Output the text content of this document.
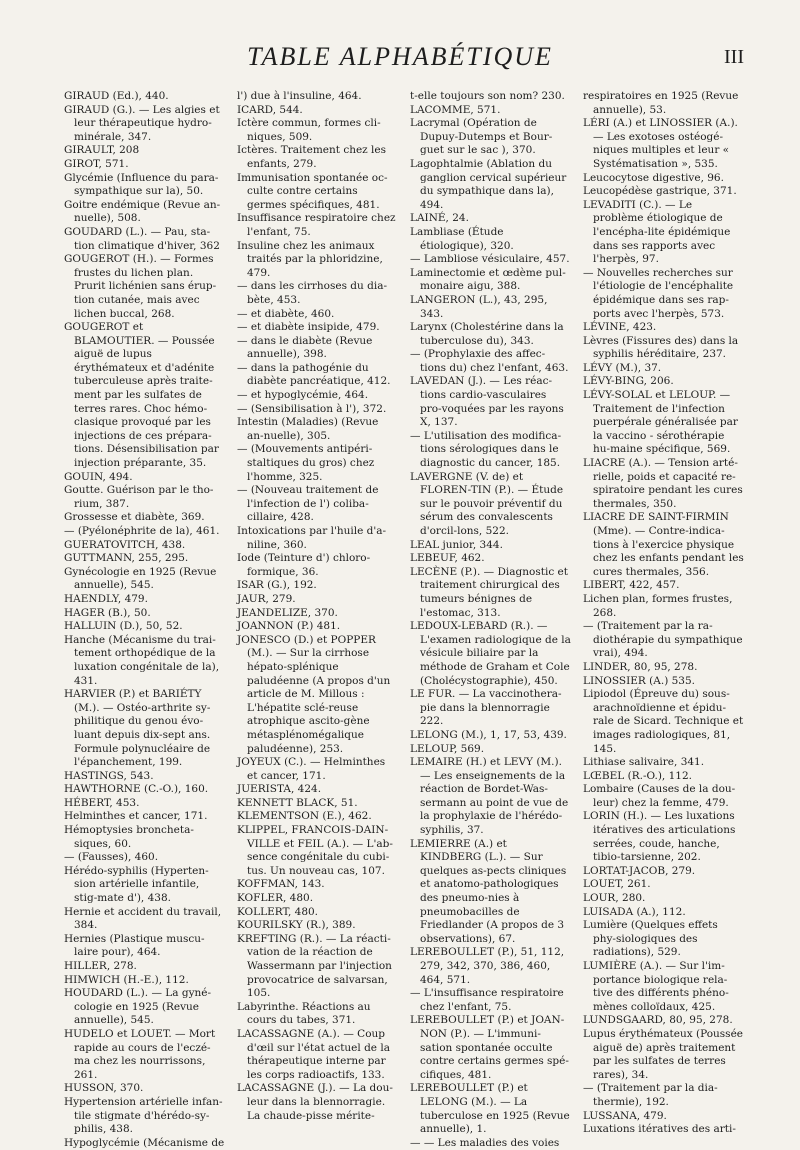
TABLE ALPHABÉTIQUE	III

GIRAUD (Ed.), 440.

GIRAUD (G.). — Les algies et leur thérapeutique hydro-minérale, 347.

GIRAULT, 208

GIROT, 571.

Glycémie (Influence du para-sympathique sur la), 50.

Goitre endémique (Revue an-nuelle), 508.

GOUDARD (L.). — Pau, sta-tion climatique d'hiver, 362

GOUGEROT (H.). — Formes frustes du lichen plan. Prurit lichénien sans érup-tion cutanée, mais avec lichen buccal, 268.

GOUGEROT et BLAMOUTIER. — Poussée aiguë de lupus érythémateux et d'adénite tuberculeuse après traite-ment par les sulfates de terres rares. Choc hémo-clasique provoqué par les injections de ces prépara-tions. Désensibilisation par injection préparante, 35.

GOUIN, 494.

Goutte. Guérison par le tho-rium, 387.

Grossesse et diabète, 369.

— (Pyélonéphrite de la), 461.

GUERATOVITCH, 438.

GUTTMANN, 255, 295.

Gynécologie en 1925 (Revue annuelle), 545.

HAENDLY, 479.

HAGER (B.), 50.

HALLUIN (D.), 50, 52.

Hanche (Mécanisme du trai-tement orthopédique de la luxation congénitale de la), 431.

HARVIER (P.) et BARIÉTY (M.). — Ostéo-arthrite sy-philitique du genou évo-luant depuis dix-sept ans. Formule polynucléaire de l'épanchement, 199.

HASTINGS, 543.

HAWTHORNE (C.-O.), 160.

HÉBERT, 453.

Helminthes et cancer, 171.

Hémoptysies broncheta-siques, 60.

— (Fausses), 460.

Hérédo-syphilis (Hyperten-sion artérielle infantile, stig-mate d'), 438.

Hernie et accident du travail, 384.

Hernies (Plastique muscu-laire pour), 464.

HILLER, 278.

HIMWICH (H.-E.), 112.

HOUDARD (L.). — La gyné-cologie en 1925 (Revue annuelle), 545.

HUDELO et LOUET. — Mort rapide au cours de l'eczé-ma chez les nourrissons, 261.

HUSSON, 370.

Hypertension artérielle infan-tile stigmate d'hérédo-sy-philis, 438.

Hypoglycémie (Mécanisme de

l') due à l'insuline, 464.

ICARD, 544.

Ictère commun, formes cli-niques, 509.

Ictères. Traitement chez les enfants, 279.

Immunisation spontanée oc-culte contre certains germes spécifiques, 481.

Insuffisance respiratoire chez l'enfant, 75.

Insuline chez les animaux traités par la phloridzine, 479.

— dans les cirrhoses du dia-bète, 453.

— et diabète, 460.

— et diabète insipide, 479.

— dans le diabète (Revue annuelle), 398.

— dans la pathogénie du diabète pancréatique, 412.

— et hypoglycémie, 464.

— (Sensibilisation à l'), 372.

Intestin (Maladies) (Revue an-nuelle), 305.

— (Mouvements antipéri-staltiques du gros) chez l'homme, 325.

— (Nouveau traitement de l'infection de l') coliba-cillaire, 428.

Intoxications par l'huile d'a-niline, 360.

Iode (Teinture d') chloro-formique, 36.

ISAR (G.), 192.

JAUR, 279.

JEANDELIZE, 370.

JOANNON (P.) 481.

JONESCO (D.) et POPPER (M.). — Sur la cirrhose hépato-splénique paludéenne (A propos d'un article de M. Millous : L'hépatite sclé-reuse atrophique ascito-gène métasplénomégalique paludéenne), 253.

JOYEUX (C.). — Helminthes et cancer, 171.

JUERISTA, 424.

KENNETT BLACK, 51.

KLEMENTSON (E.), 462.

KLIPPEL, FRANCOIS-DAIN-VILLE et FEIL (A.). — L'ab-sence congénitale du cubi-tus. Un nouveau cas, 107.

KOFFMAN, 143.

KOFLER, 480.

KOLLERT, 480.

KOURILSKY (R.), 389.

KREFTING (R.). — La réacti-vation de la réaction de Wassermann par l'injection provocatrice de salvarsan, 105.

Labyrinthe. Réactions au cours du tabes, 371.

LACASSAGNE (A.). — Coup d'œil sur l'état actuel de la thérapeutique interne par les corps radioactifs, 133.

LACASSAGNE (J.). — La dou-leur dans la blennorragie. La chaude-pisse mérite-

t-elle toujours son nom? 230.

LACOMME, 571.

Lacrymal (Opération de Dupuy-Dutemps et Bour-guet sur le sac ), 370.

Lagophtalmie (Ablation du ganglion cervical supérieur du sympathique dans la), 494.

LAINÉ, 24.

Lambliase (Étude étiologique), 320.

— Lambliose vésiculaire, 457.

Laminectomie et œdème pul-monaire aigu, 388.

LANGERON (L.), 43, 295, 343.

Larynx (Cholestérine dans la tuberculose du), 343.

— (Prophylaxie des affec-tions du) chez l'enfant, 463.

LAVEDAN (J.). — Les réac-tions cardio-vasculaires pro-voquées par les rayons X, 137.

— L'utilisation des modifica-tions sérologiques dans le diagnostic du cancer, 185.

LAVERGNE (V. de) et FLOREN-TIN (P.). — Étude sur le pouvoir préventif du sérum des convalescents d'orcil-lons, 522.

LEAL junior, 344.

LEBEUF, 462.

LECÈNE (P.). — Diagnostic et traitement chirurgical des tumeurs bénignes de l'estomac, 313.

LEDOUX-LEBARD (R.). — L'examen radiologique de la vésicule biliaire par la méthode de Graham et Cole (Cholécystographie), 450.

LE FUR. — La vaccinothera-pie dans la blennorragie 222.

LELONG (M.), 1, 17, 53, 439.

LELOUP, 569.

LEMAIRE (H.) et LEVY (M.). — Les enseignements de la réaction de Bordet-Was-sermann au point de vue de la prophylaxie de l'hérédo-syphilis, 37.

LEMIERRE (A.) et KINDBERG (L.). — Sur quelques as-pects cliniques et anatomo-pathologiques des pneumo-nies à pneumobacilles de Friedlander (A propos de 3 observations), 67.

LEREBOULLET (P.), 51, 112, 279, 342, 370, 386, 460, 464, 571.

— L'insuffisance respiratoire chez l'enfant, 75.

LEREBOULLET (P.) et JOAN-NON (P.). — L'immuni-sation spontanée occulte contre certains germes spé-cifiques, 481.

LEREBOULLET (P.) et LELONG (M.). — La tuberculose en 1925 (Revue annuelle), 1.

— — Les maladies des voies

respiratoires en 1925 (Revue annuelle), 53.

LÉRI (A.) et LINOSSIER (A.). — Les exotoses ostéogé-niques multiples et leur « Systématisation », 535.

Leucocytose digestive, 96.

Leucopédèse gastrique, 371.

LEVADITI (C.). — Le problème étiologique de l'encépha-lite épidémique dans ses rapports avec l'herpès, 97.

— Nouvelles recherches sur l'étiologie de l'encéphalite épidémique dans ses rap-ports avec l'herpès, 573.

LÉVINE, 423.

Lèvres (Fissures des) dans la syphilis héréditaire, 237.

LÉVY (M.), 37.

LÉVY-BING, 206.

LÉVY-SOLAL et LELOUP. — Traitement de l'infection puerpérale généralisée par la vaccino - sérothérapie hu-maine spécifique, 569.

LIACRE (A.). — Tension arté-rielle, poids et capacité re-spiratoire pendant les cures thermales, 350.

LIACRE DE SAINT-FIRMIN (Mme). — Contre-indica-tions à l'exercice physique chez les enfants pendant les cures thermales, 356.

LIBERT, 422, 457.

Lichen plan, formes frustes, 268.

— (Traitement par la ra-diothérapie du sympathique vrai), 494.

LINDER, 80, 95, 278.

LINOSSIER (A.) 535.

Lipiodol (Épreuve du) sous-arachnoïdienne et épidu-rale de Sicard. Technique et images radiologiques, 81, 145.

Lithiase salivaire, 341.

LŒBEL (R.-O.), 112.

Lombaire (Causes de la dou-leur) chez la femme, 479.

LORIN (H.). — Les luxations itératives des articulations serrées, coude, hanche, tibio-tarsienne, 202.

LORTAT-JACOB, 279.

LOUET, 261.

LOUR, 280.

LUISADA (A.), 112.

Lumière (Quelques effets phy-siologiques des radiations), 529.

LUMIÈRE (A.). — Sur l'im-portance biologique rela-tive des différents phéno-mènes colloïdaux, 425.

LUNDSGAARD, 80, 95, 278.

Lupus érythémateux (Poussée aiguë de) après traitement par les sulfates de terres rares), 34.

— (Traitement par la dia-thermie), 192.

LUSSANA, 479.

Luxations itératives des arti-
